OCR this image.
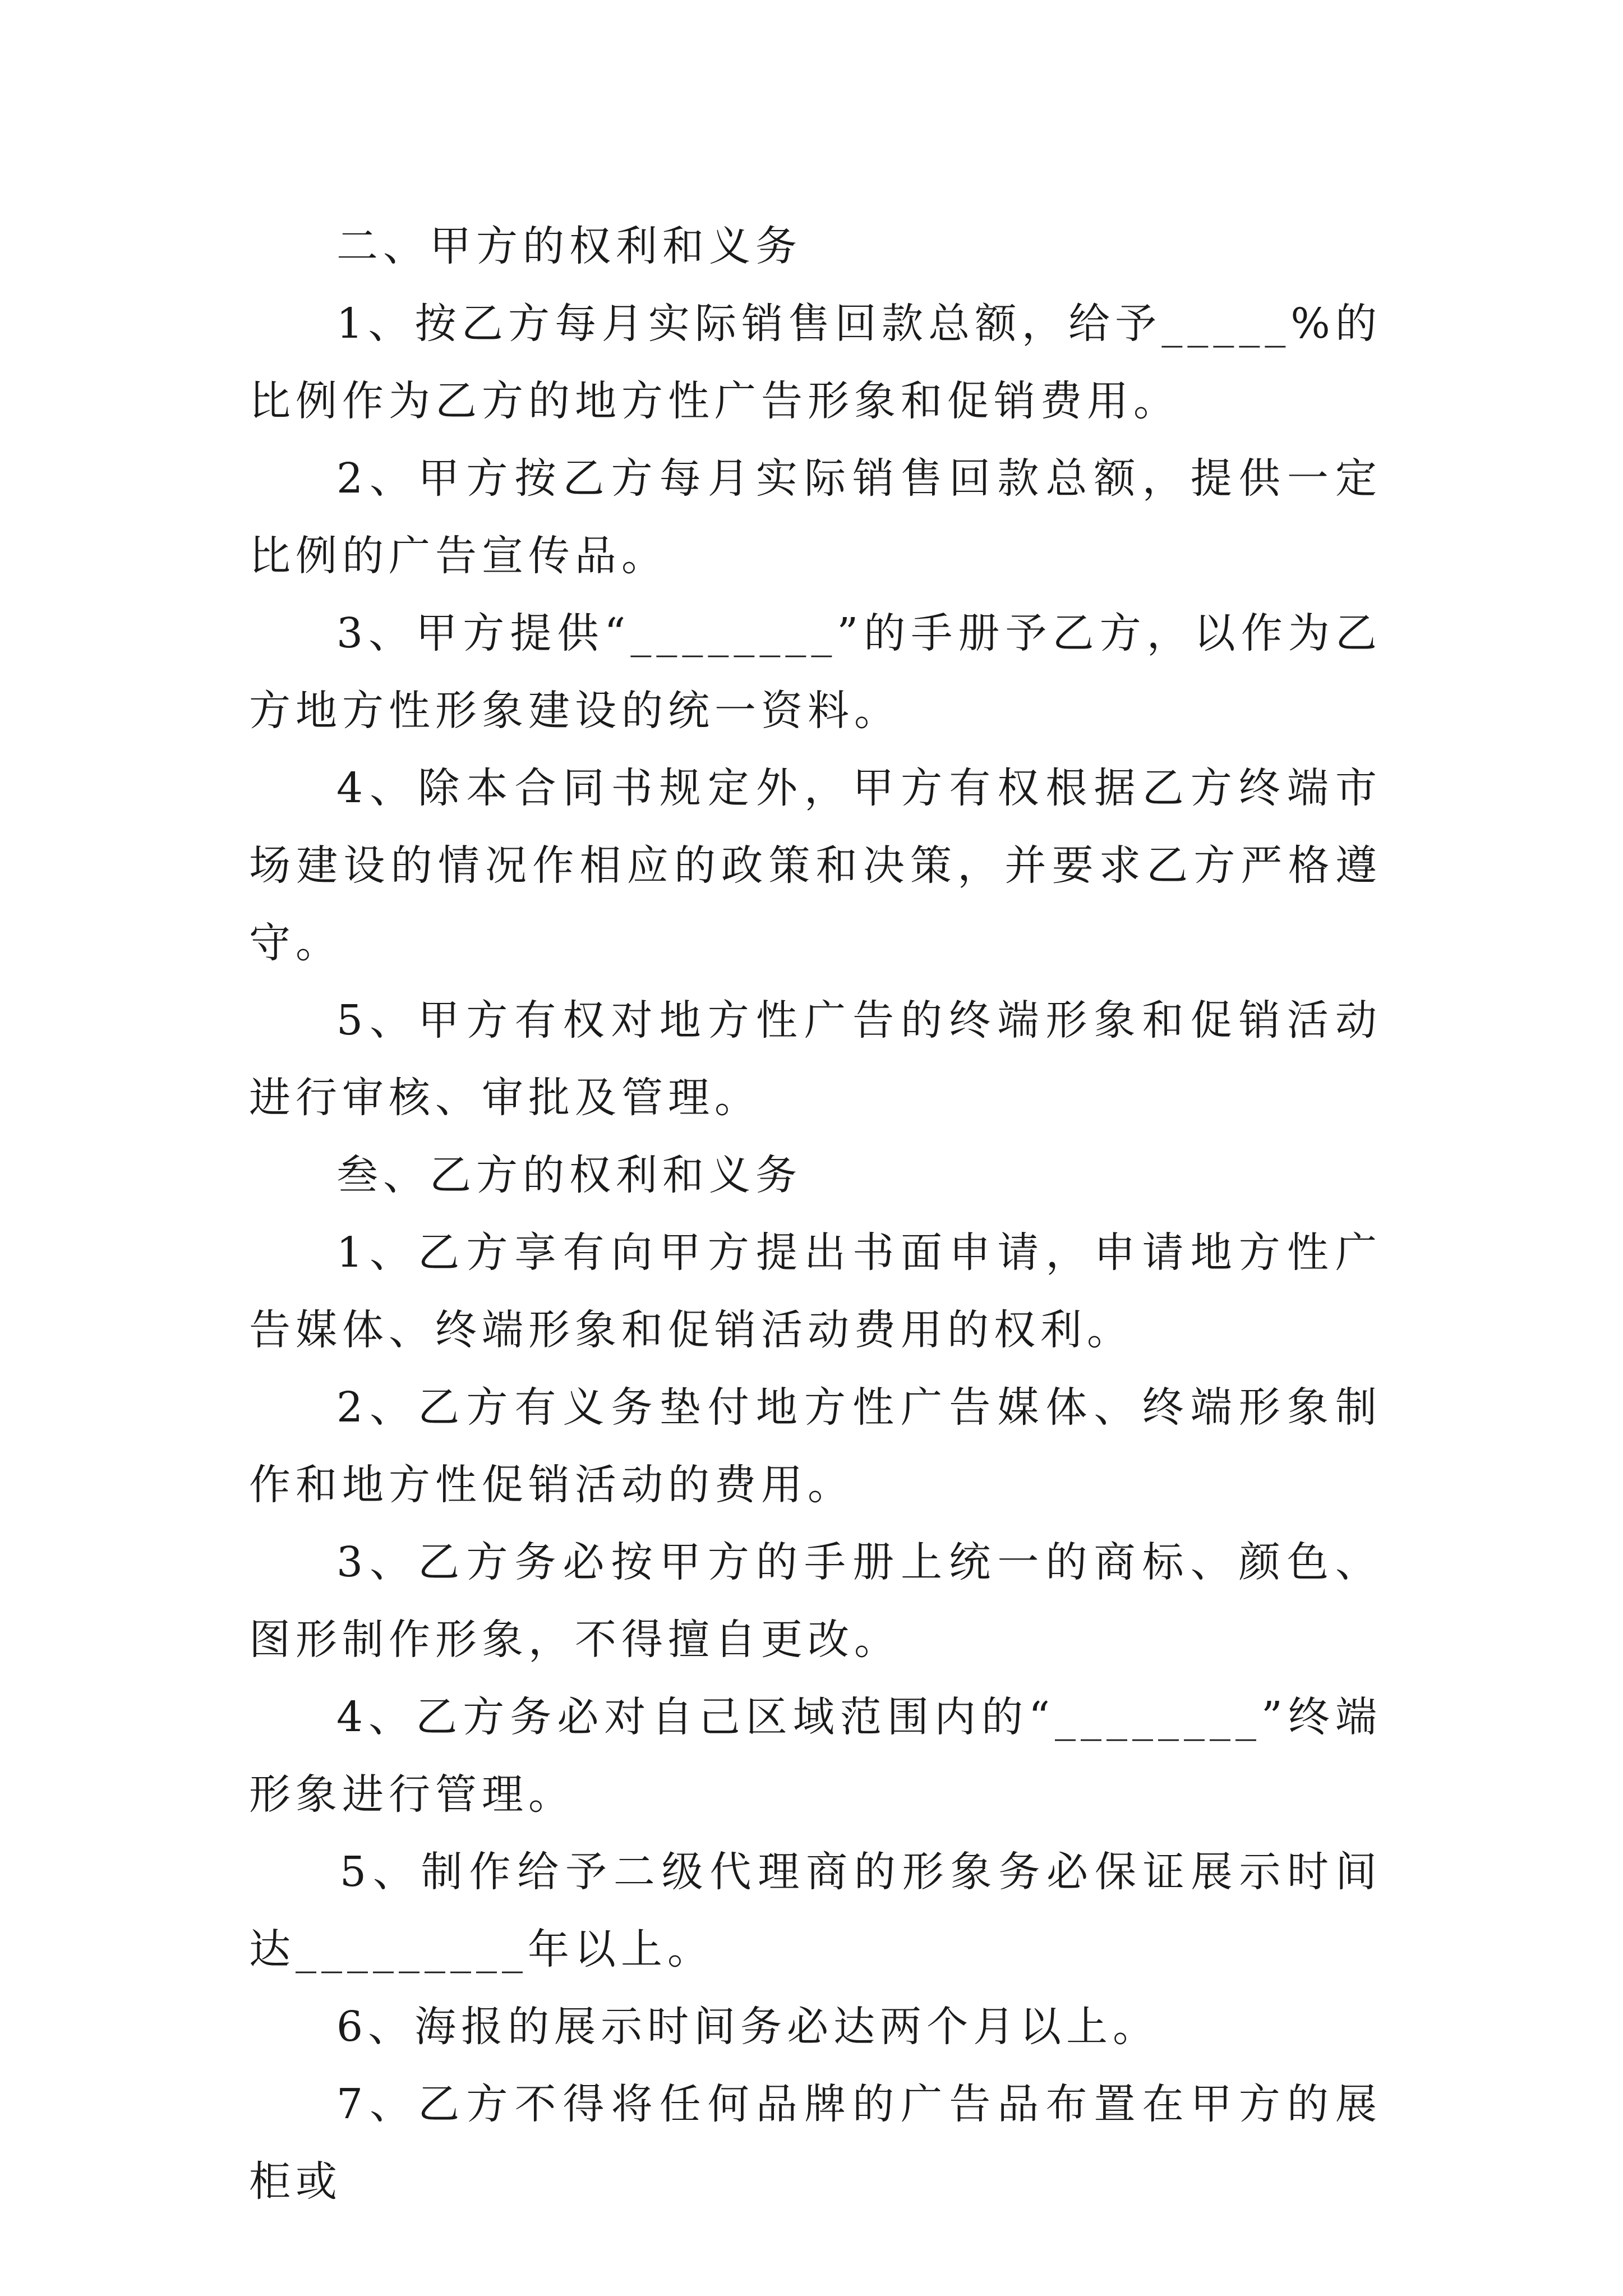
二、甲方的权利和义务

1、按乙方每月实际销售回款总额，给予_____%的比例作为乙方的地方性广告形象和促销费用。

2、甲方按乙方每月实际销售回款总额，提供一定比例的广告宣传品。

3、甲方提供“________”的手册予乙方，以作为乙方地方性形象建设的统一资料。

4、除本合同书规定外，甲方有权根据乙方终端市场建设的情况作相应的政策和决策，并要求乙方严格遵守。

5、甲方有权对地方性广告的终端形象和促销活动进行审核、审批及管理。

叁、乙方的权利和义务

1、乙方享有向甲方提出书面申请，申请地方性广告媒体、终端形象和促销活动费用的权利。

2、乙方有义务垫付地方性广告媒体、终端形象制作和地方性促销活动的费用。

3、乙方务必按甲方的手册上统一的商标、颜色、图形制作形象，不得擅自更改。

4、乙方务必对自己区域范围内的“________”终端形象进行管理。

5、制作给予二级代理商的形象务必保证展示时间达_________年以上。

6、海报的展示时间务必达两个月以上。

7、乙方不得将任何品牌的广告品布置在甲方的展柜或
